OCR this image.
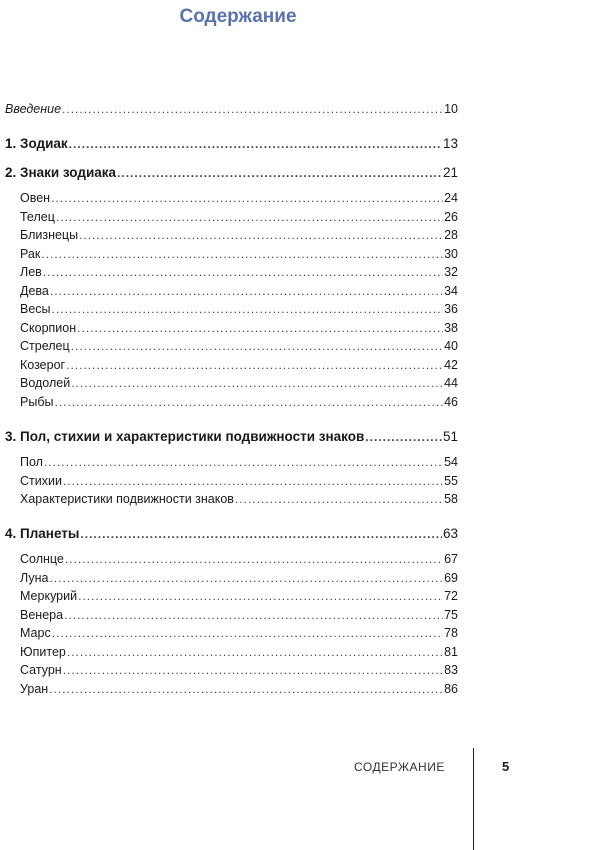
Содержание
Введение .....	10
1. Зодиак .....	13
2. Знаки зодиака .....	21
Овен .....	24
Телец .....	26
Близнецы .....	28
Рак .....	30
Лев .....	32
Дева .....	34
Весы .....	36
Скорпион .....	38
Стрелец .....	40
Козерог .....	42
Водолей .....	44
Рыбы .....	46
3. Пол, стихии и характеристики подвижности знаков .....	51
Пол .....	54
Стихии .....	55
Характеристики подвижности знаков .....	58
4. Планеты .....	63
Солнце .....	67
Луна .....	69
Меркурий .....	72
Венера .....	75
Марс .....	78
Юпитер .....	81
Сатурн .....	83
Уран .....	86
СОДЕРЖАНИЕ	5
